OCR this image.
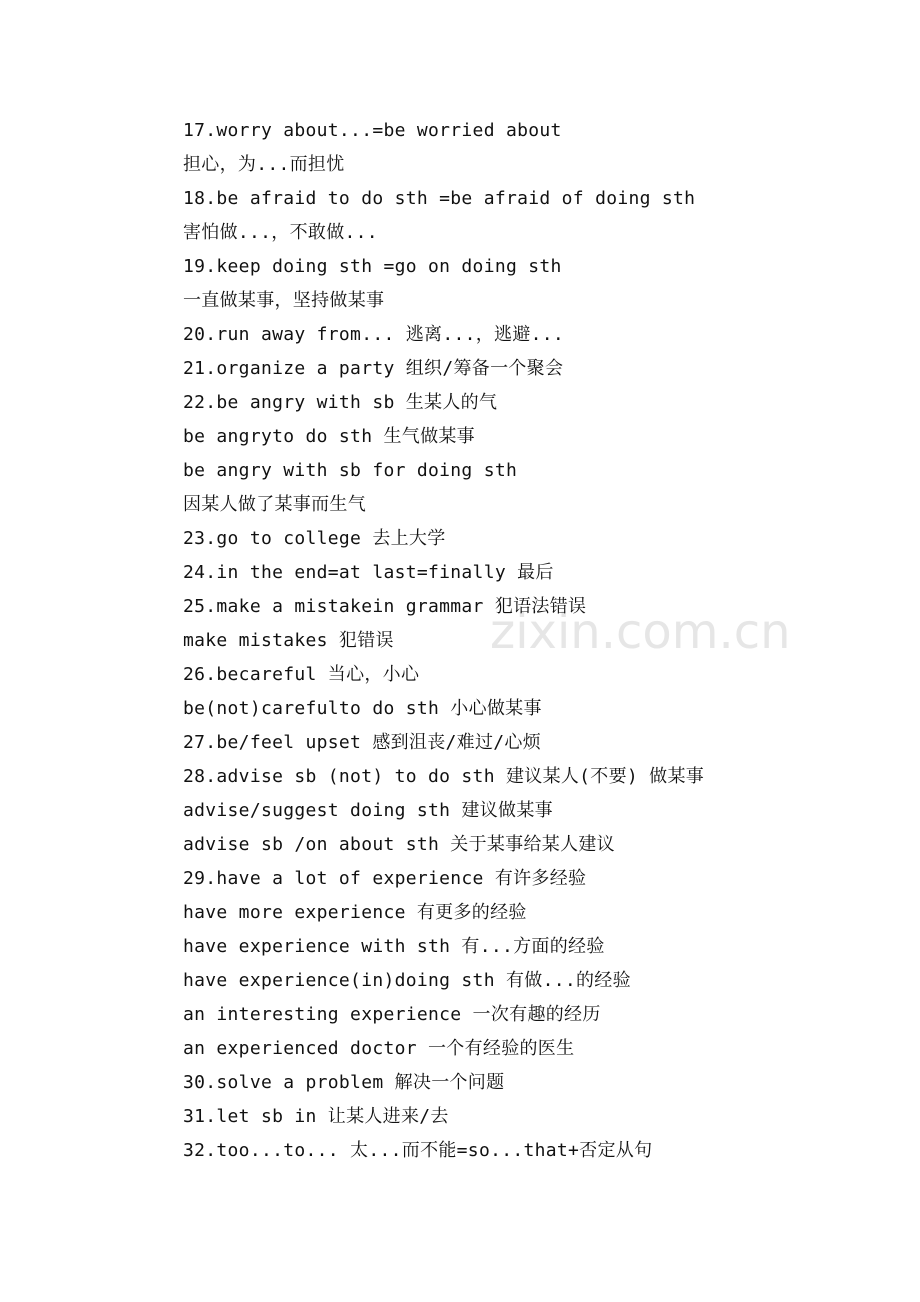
zixin.com.cn
17.worry about...=be worried about
担心，为...而担忧
18.be afraid to do sth =be afraid of doing sth
害怕做...，不敢做...
19.keep doing sth =go on doing sth
一直做某事，坚持做某事
20.run away from... 逃离...，逃避...
21.organize a party 组织/筹备一个聚会
22.be angry with sb 生某人的气
be angryto do sth 生气做某事
be angry with sb for doing sth
因某人做了某事而生气
23.go to college 去上大学
24.in the end=at last=finally 最后
25.make a mistakein grammar 犯语法错误
make mistakes 犯错误
26.becareful 当心，小心
be(not)carefulto do sth 小心做某事
27.be/feel upset 感到沮丧/难过/心烦
28.advise sb (not) to do sth 建议某人(不要) 做某事
advise/suggest doing sth 建议做某事
advise sb /on about sth 关于某事给某人建议
29.have a lot of experience 有许多经验
have more experience 有更多的经验
have experience with sth 有...方面的经验
have experience(in)doing sth 有做...的经验
an interesting experience 一次有趣的经历
an experienced doctor 一个有经验的医生
30.solve a problem 解决一个问题
31.let sb in 让某人进来/去
32.too...to... 太...而不能=so...that+否定从句
